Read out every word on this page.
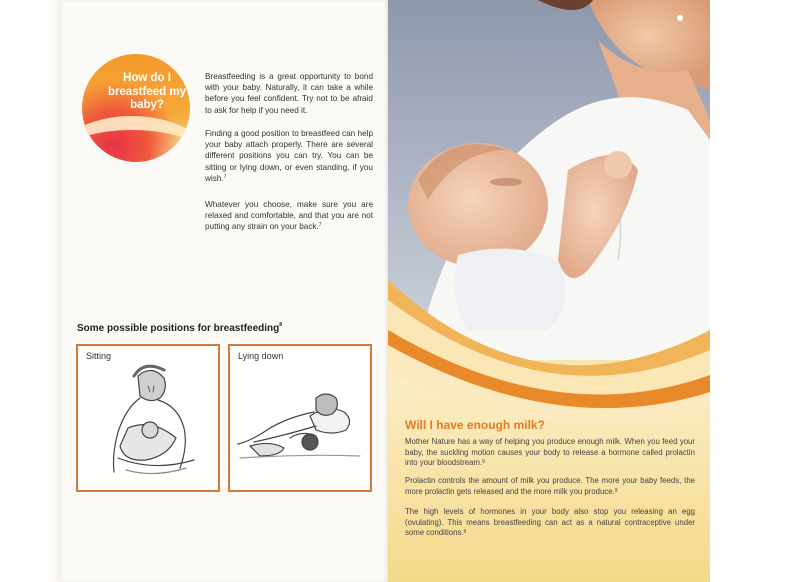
How do I breastfeed my baby?
Breastfeeding is a great opportunity to bond with your baby. Naturally, it can take a while before you feel confident. Try not to be afraid to ask for help if you need it.
Finding a good position to breastfeed can help your baby attach properly. There are several different positions you can try. You can be sitting or lying down, or even standing, if you wish.$^7$
Whatever you choose, make sure you are relaxed and comfortable, and that you are not putting any strain on your back.$^7$
Some possible positions for breastfeeding$^8$
Sitting	Lying down
Will I have enough milk?
Mother Nature has a way of helping you produce enough milk. When you feed your baby, the suckling motion causes your body to release a hormone called prolactin into your bloodstream.$^9$
Prolactin controls the amount of milk you produce. The more your baby feeds, the more prolactin gets released and the more milk you produce.$^9$
The high levels of hormones in your body also stop you releasing an egg (ovulating). This means breastfeeding can act as a natural contraceptive under some conditions.$^9$
